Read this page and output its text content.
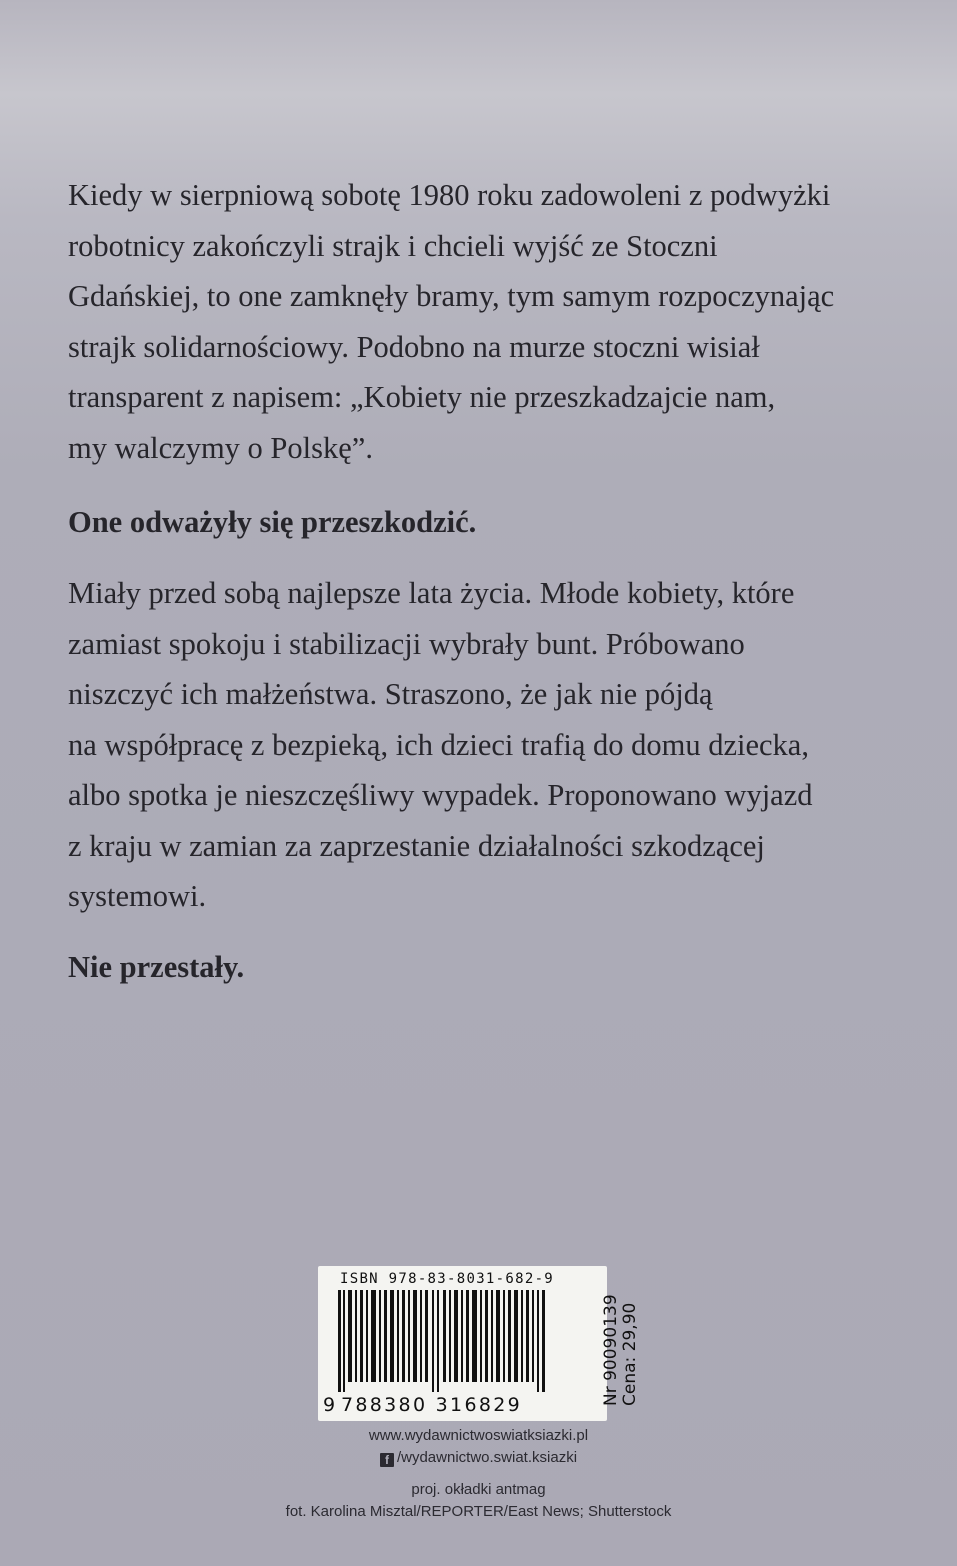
Kiedy w sierpniową sobotę 1980 roku zadowoleni z podwyżki
robotnicy zakończyli strajk i chcieli wyjść ze Stoczni
Gdańskiej, to one zamknęły bramy, tym samym rozpoczynając
strajk solidarnościowy. Podobno na murze stoczni wisiał
transparent z napisem: „Kobiety nie przeszkadzajcie nam,
my walczymy o Polskę”.

One odważyły się przeszkodzić.

Miały przed sobą najlepsze lata życia. Młode kobiety, które
zamiast spokoju i stabilizacji wybrały bunt. Próbowano
niszczyć ich małżeństwa. Straszono, że jak nie pójdą
na współpracę z bezpieką, ich dzieci trafią do domu dziecka,
albo spotka je nieszczęśliwy wypadek. Proponowano wyjazd
z kraju w zamian za zaprzestanie działalności szkodzącej
systemowi.

Nie przestały.

ISBN 978-83-8031-682-9
9 788380 316829	Nr 90090139 Cena: 29,90
www.wydawnictwoswiatksiazki.pl
f /wydawnictwo.swiat.ksiazki
proj. okładki antmag
fot. Karolina Misztal/REPORTER/East News; Shutterstock
